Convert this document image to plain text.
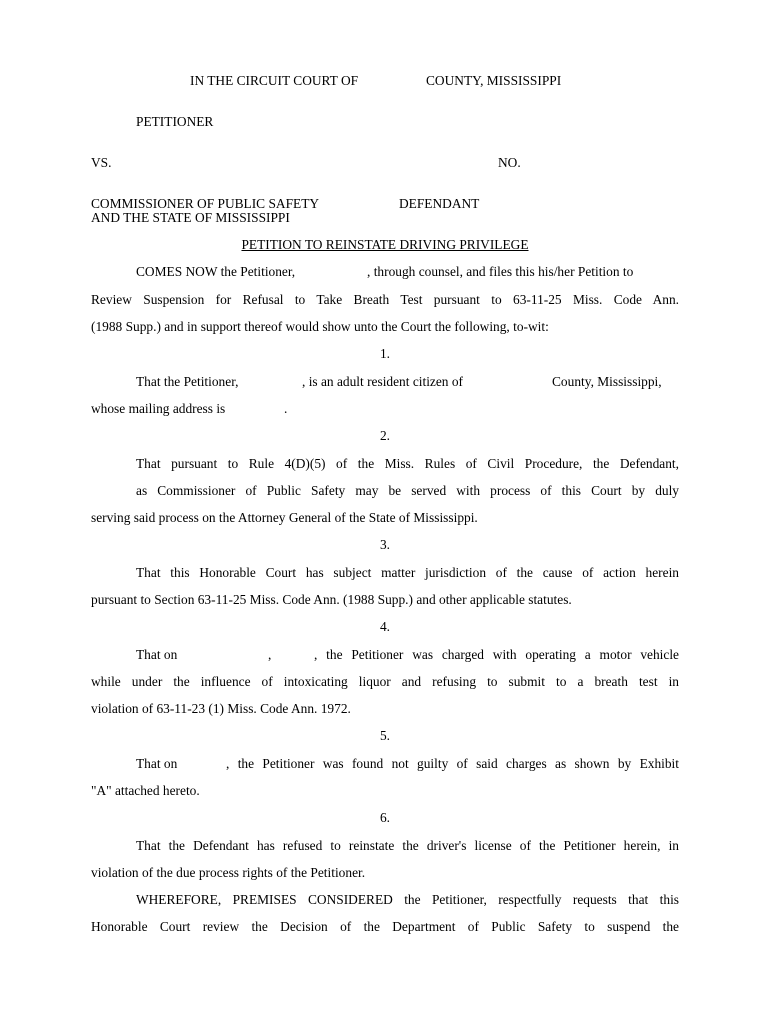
IN THE CIRCUIT COURT OF	COUNTY, MISSISSIPPI
PETITIONER
VS.	NO.
COMMISSIONER OF PUBLIC SAFETY
AND THE STATE OF MISSISSIPPI
DEFENDANT
PETITION TO REINSTATE DRIVING PRIVILEGE
COMES NOW the Petitioner,	, through counsel, and files this his/her Petition to
Review Suspension for Refusal to Take Breath Test pursuant to 63-11-25 Miss. Code Ann.
(1988 Supp.) and in support thereof would show unto the Court the following, to-wit:
1.
That the Petitioner,	, is an adult resident citizen of	County, Mississippi,
whose mailing address is	.
2.
That pursuant to Rule 4(D)(5) of the Miss. Rules of Civil Procedure, the Defendant,
as Commissioner of Public Safety may be served with process of this Court by duly
serving said process on the Attorney General of the State of Mississippi.
3.
That this Honorable Court has subject matter jurisdiction of the cause of action herein
pursuant to Section 63-11-25 Miss. Code Ann. (1988 Supp.) and other applicable statutes.
4.
That on	,	, the Petitioner was charged with operating a motor vehicle
while under the influence of intoxicating liquor and refusing to submit to a breath test in
violation of 63-11-23 (1) Miss. Code Ann. 1972.
5.
That on	, the Petitioner was found not guilty of said charges as shown by Exhibit
"A" attached hereto.
6.
That the Defendant has refused to reinstate the driver's license of the Petitioner herein, in
violation of the due process rights of the Petitioner.
WHEREFORE, PREMISES CONSIDERED the Petitioner, respectfully requests that this
Honorable Court review the Decision of the Department of Public Safety to suspend the
